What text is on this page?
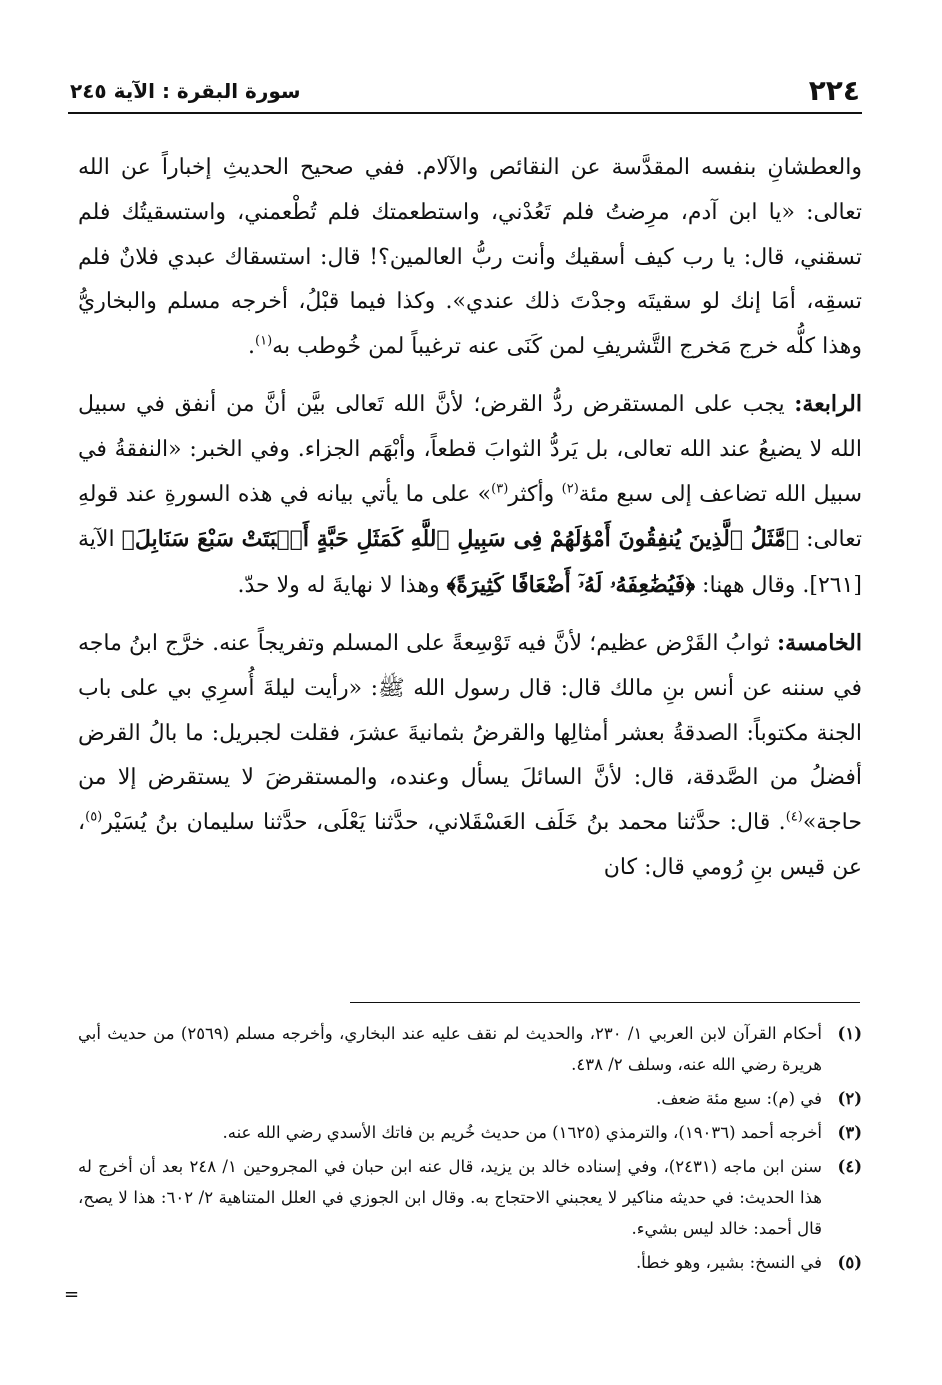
٢٢٤
سورة البقرة : الآية ٢٤٥

والعطشانِ بنفسه المقدَّسة عن النقائص والآلام. ففي صحيح الحديثِ إخباراً عن الله تعالى: «يا ابن آدم، مرِضتُ فلم تَعُدْني، واستطعمتك فلم تُطْعمني، واستسقيتُك فلم تسقني، قال: يا رب كيف أسقيك وأنت ربُّ العالمين؟! قال: استسقاك عبدي فلانٌ فلم تسقِه، أمَا إنك لو سقيتَه وجدْتَ ذلك عندي». وكذا فيما قبْلُ، أخرجه مسلم والبخاريُّ وهذا كلُّه خرج مَخرج التَّشريفِ لمن كَنَى عنه ترغيباً لمن خُوطب به$^{(١)}$.

الرابعة: يجب على المستقرض ردُّ القرض؛ لأنَّ الله تَعالى بيَّن أنَّ من أنفق في سبيل الله لا يضيعُ عند الله تعالى، بل يَردُّ الثوابَ قطعاً، وأبْهَم الجزاء. وفي الخبر: «النفقةُ في سبيل الله تضاعف إلى سبع مئة$^{(٢)}$ وأكثر$^{(٣)}$» على ما يأتي بيانه في هذه السورةِ عند قولهِ تعالى: ﴿مَّثَلُ ٱلَّذِينَ يُنفِقُونَ أَمْوَٰلَهُمْ فِى سَبِيلِ ٱللَّهِ كَمَثَلِ حَبَّةٍ أَنۢبَتَتْ سَبْعَ سَنَابِلَ﴾ الآية [٢٦١]. وقال ههنا: ﴿فَيُضَٰعِفَهُۥ لَهُۥٓ أَضْعَافًا كَثِيرَةً﴾ وهذا لا نهايةَ له ولا حدّ.

الخامسة: ثوابُ القَرْض عظيم؛ لأنَّ فيه تَوْسِعةً على المسلم وتفريجاً عنه. خرَّج ابنُ ماجه في سننه عن أنس بنِ مالك قال: قال رسول الله ﷺ: «رأيت ليلةَ أُسرِي بي على باب الجنة مكتوباً: الصدقةُ بعشر أمثالِها والقرضُ بثمانيةَ عشرَ، فقلت لجبريل: ما بالُ القرض أفضلُ من الصَّدقة، قال: لأنَّ السائلَ يسأل وعنده، والمستقرضَ لا يستقرض إلا من حاجة»$^{(٤)}$. قال: حدَّثنا محمد بنُ خَلَف العَسْقَلاني، حدَّثنا يَعْلَى، حدَّثنا سليمان بنُ يُسَيْر$^{(٥)}$، عن قيس بنِ رُومي قال: كان

(١)
أحكام القرآن لابن العربي ١/ ٢٣٠، والحديث لم نقف عليه عند البخاري، وأخرجه مسلم (٢٥٦٩) من حديث أبي هريرة رضي الله عنه، وسلف ٢/ ٤٣٨.
(٢)
في (م): سبع مئة ضعف.
(٣)
أخرجه أحمد (١٩٠٣٦)، والترمذي (١٦٢٥) من حديث خُريم بن فاتك الأسدي رضي الله عنه.
(٤)
سنن ابن ماجه (٢٤٣١)، وفي إسناده خالد بن يزيد، قال عنه ابن حبان في المجروحين ١/ ٢٤٨ بعد أن أخرج له هذا الحديث: في حديثه مناكير لا يعجبني الاحتجاج به. وقال ابن الجوزي في العلل المتناهية ٢/ ٦٠٢: هذا لا يصح، قال أحمد: خالد ليس بشيء.
(٥)
في النسخ: بشير، وهو خطأ.
=
